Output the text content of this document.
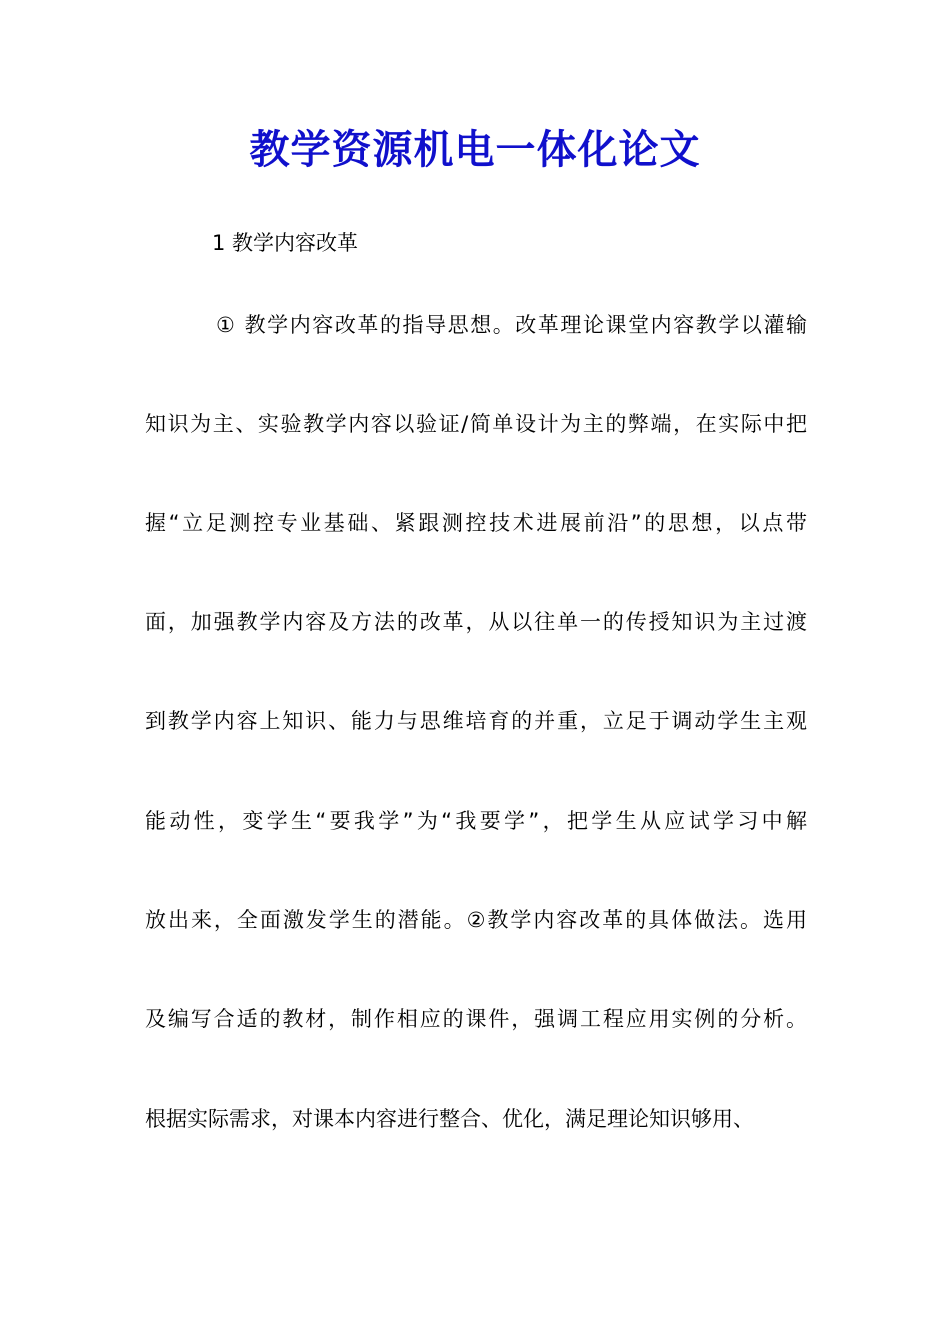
教学资源机电一体化论文
1 教学内容改革
① 教学内容改革的指导思想。改革理论课堂内容教学以灌输
知识为主、实验教学内容以验证/简单设计为主的弊端，在实际中把
握“立足测控专业基础、紧跟测控技术进展前沿”的思想，以点带
面，加强教学内容及方法的改革，从以往单一的传授知识为主过渡
到教学内容上知识、能力与思维培育的并重，立足于调动学生主观
能动性，变学生“要我学”为“我要学”，把学生从应试学习中解
放出来，全面激发学生的潜能。②教学内容改革的具体做法。选用
及编写合适的教材，制作相应的课件，强调工程应用实例的分析。
根据实际需求，对课本内容进行整合、优化，满足理论知识够用、
